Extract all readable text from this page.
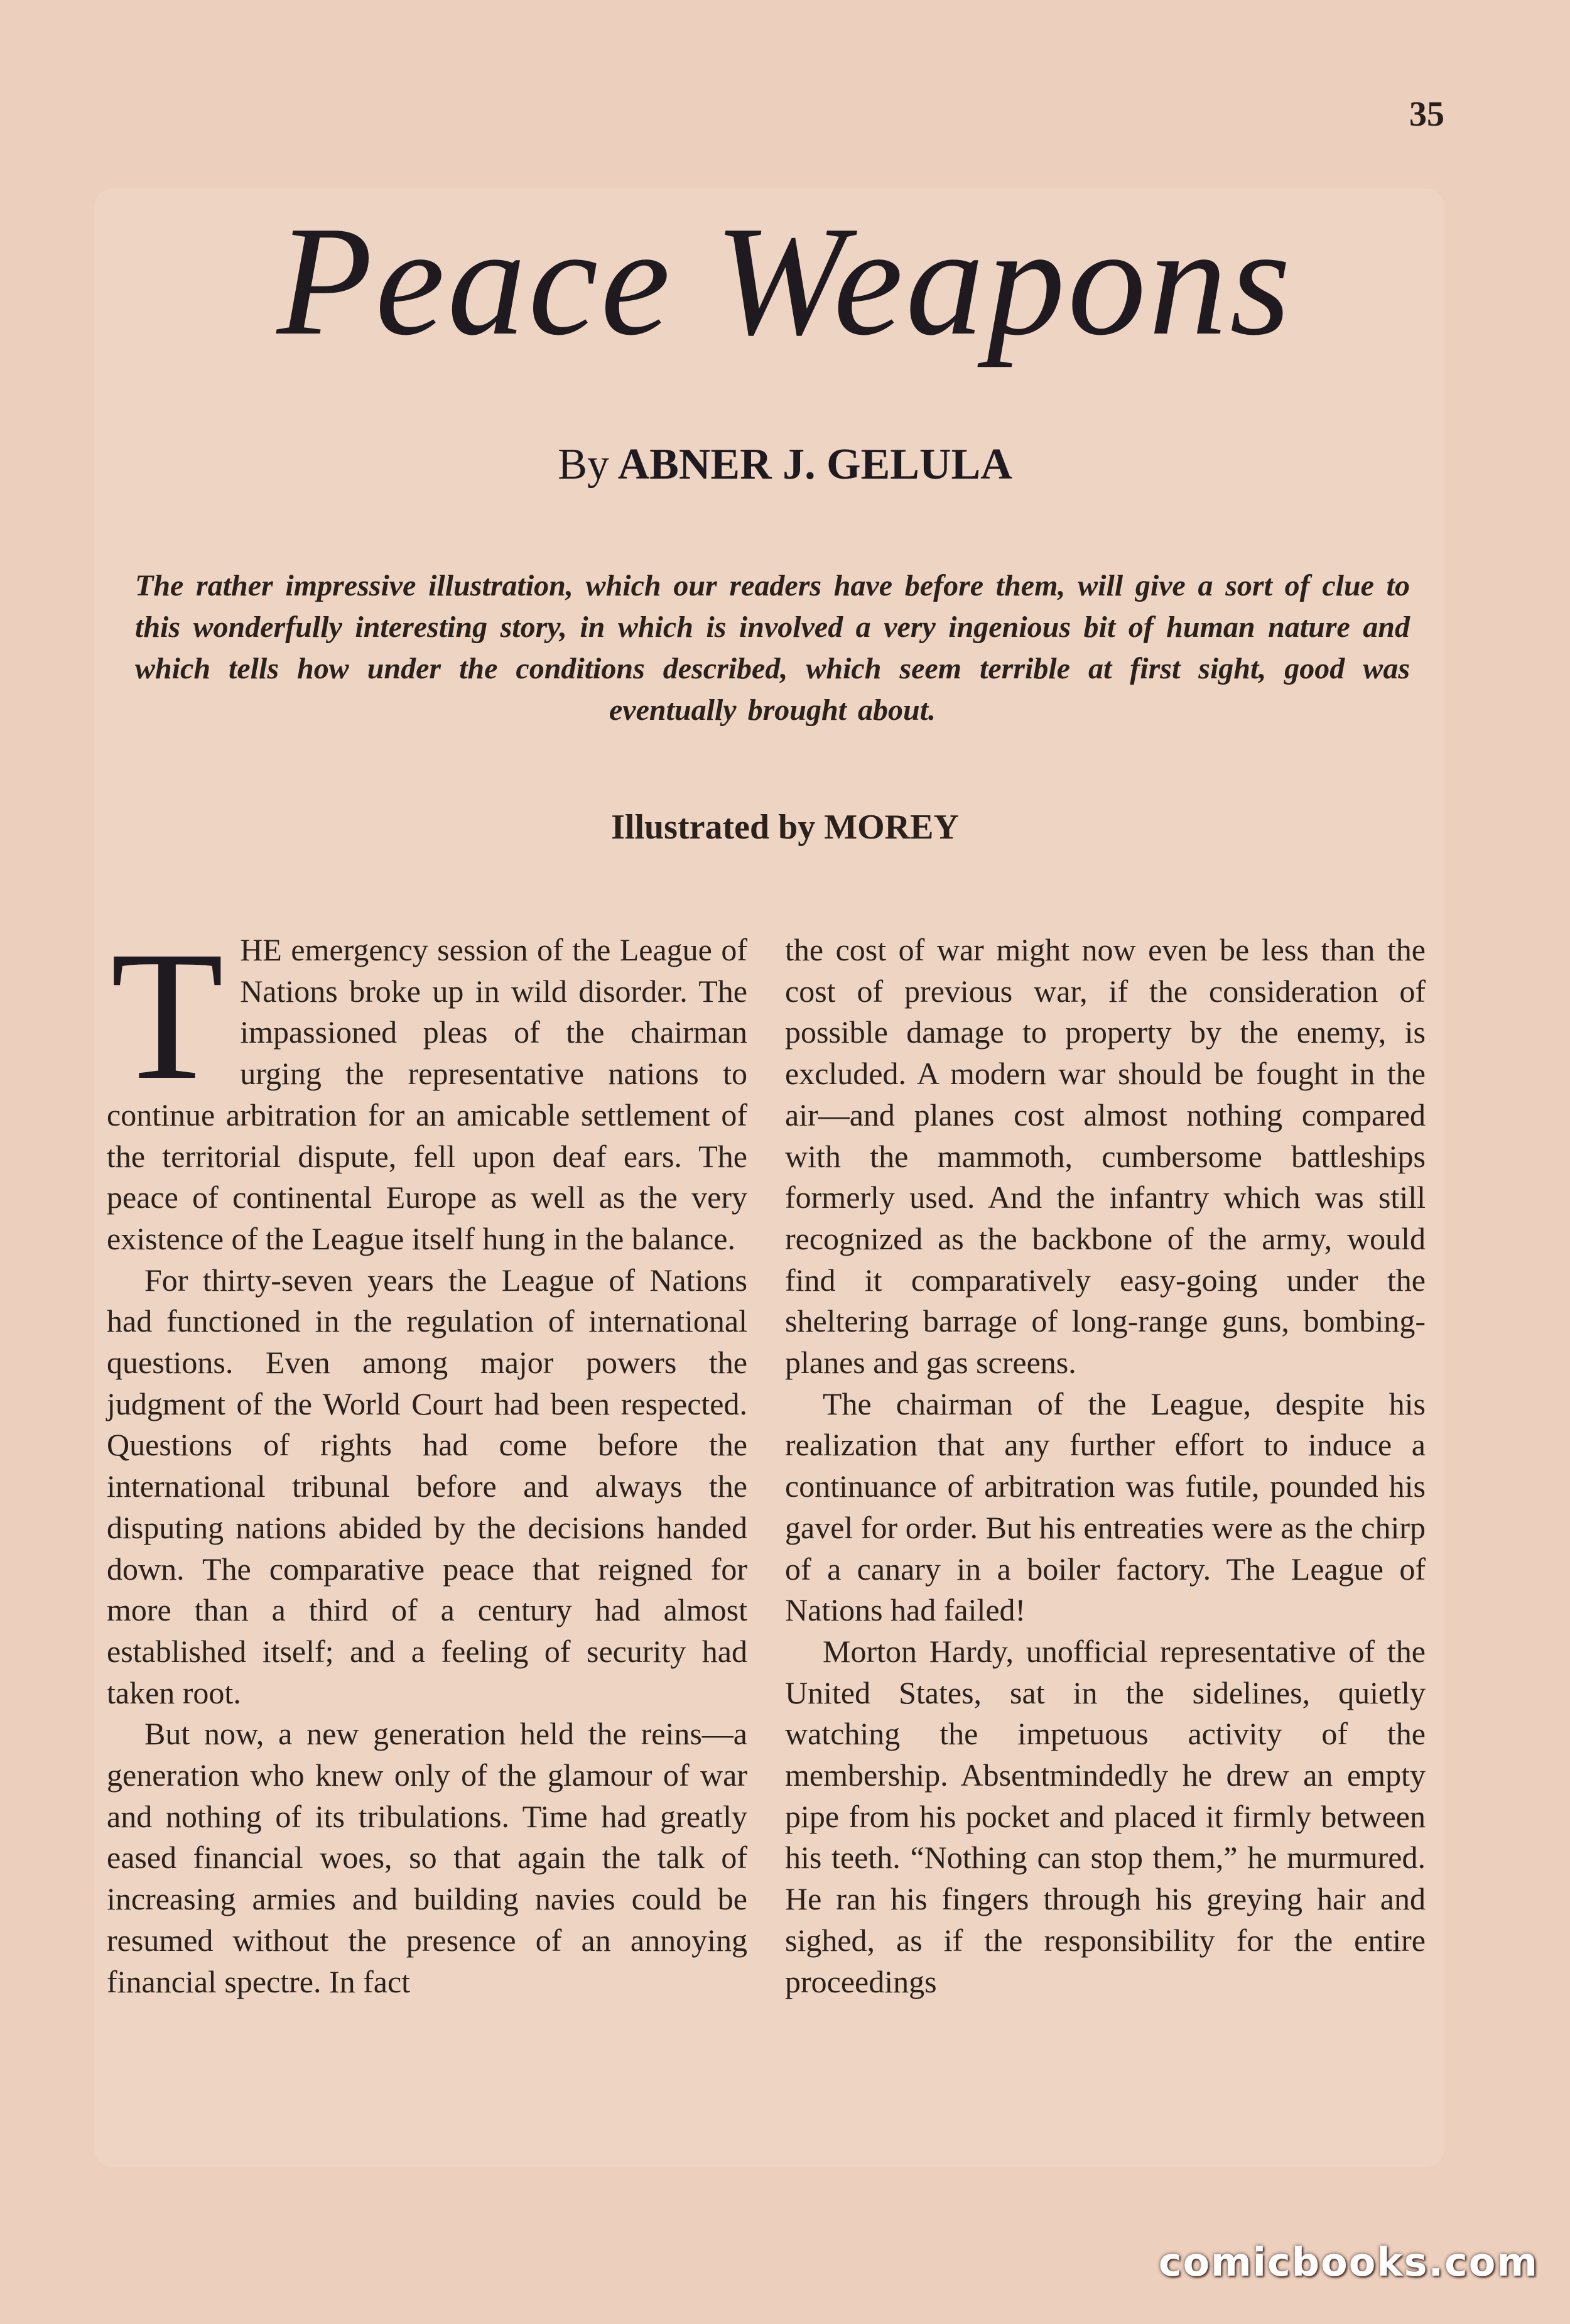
35
Peace Weapons
By ABNER J. GELULA
The rather impressive illustration, which our readers have before them, will give a sort of clue to this wonderfully interesting story, in which is involved a very ingenious bit of human nature and which tells how under the conditions described, which seem terrible at first sight, good was eventually brought about.
Illustrated by MOREY
T HE emergency session of the League of Nations broke up in wild disorder. The impassioned pleas of the chairman urging the representative nations to continue arbitration for an amicable settlement of the territorial dispute, fell upon deaf ears. The peace of continental Europe as well as the very existence of the League itself hung in the balance.

For thirty-seven years the League of Nations had functioned in the regulation of international questions. Even among major powers the judgment of the World Court had been respected. Questions of rights had come before the international tribunal before and always the disputing nations abided by the decisions handed down. The comparative peace that reigned for more than a third of a century had almost established itself; and a feeling of security had taken root.

But now, a new generation held the reins—a generation who knew only of the glamour of war and nothing of its tribulations. Time had greatly eased financial woes, so that again the talk of increasing armies and building navies could be resumed without the presence of an annoying financial spectre. In fact

the cost of war might now even be less than the cost of previous war, if the consideration of possible damage to property by the enemy, is excluded. A modern war should be fought in the air—and planes cost almost nothing compared with the mammoth, cumbersome battleships formerly used. And the infantry which was still recognized as the backbone of the army, would find it comparatively easy-going under the sheltering barrage of long-range guns, bombing-planes and gas screens.

The chairman of the League, despite his realization that any further effort to induce a continuance of arbitration was futile, pounded his gavel for order. But his entreaties were as the chirp of a canary in a boiler factory. The League of Nations had failed!

Morton Hardy, unofficial representative of the United States, sat in the sidelines, quietly watching the impetuous activity of the membership. Absentmindedly he drew an empty pipe from his pocket and placed it firmly between his teeth. “Nothing can stop them,” he murmured. He ran his fingers through his greying hair and sighed, as if the responsibility for the entire proceedings

comicbooks.com
